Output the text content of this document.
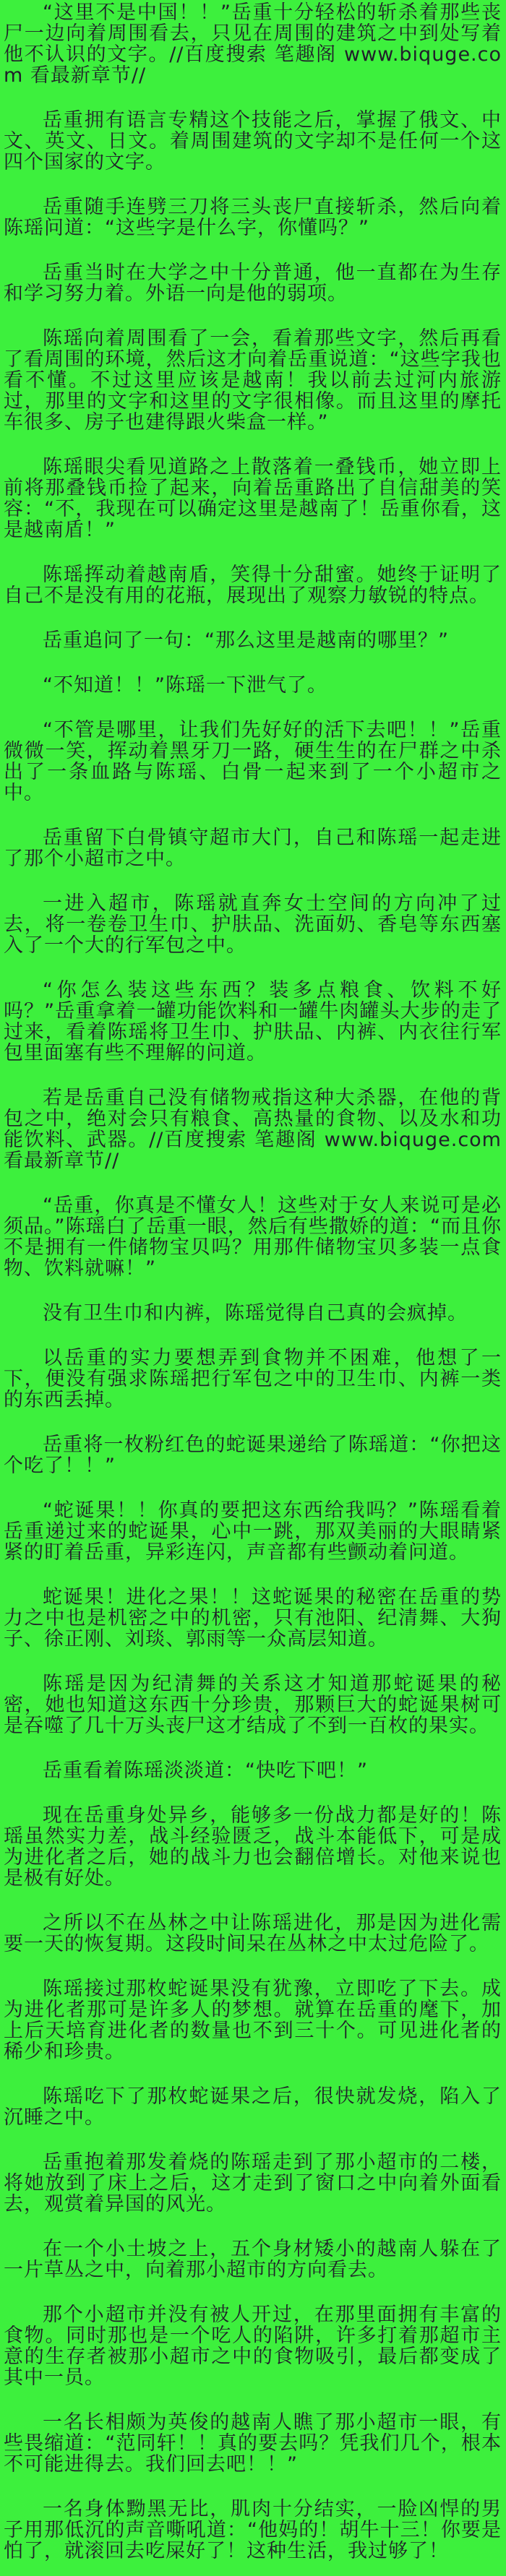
“这里不是中国！！”岳重十分轻松的斩杀着那些丧尸一边向着周围看去，只见在周围的建筑之中到处写着他不认识的文字。//百度搜索 笔趣阁 www.biquge.com 看最新章节//

岳重拥有语言专精这个技能之后，掌握了俄文、中文、英文、日文。着周围建筑的文字却不是任何一个这四个国家的文字。

岳重随手连劈三刀将三头丧尸直接斩杀，然后向着陈瑶问道：“这些字是什么字，你懂吗？”

岳重当时在大学之中十分普通，他一直都在为生存和学习努力着。外语一向是他的弱项。

陈瑶向着周围看了一会，看着那些文字，然后再看了看周围的环境，然后这才向着岳重说道：“这些字我也看不懂。不过这里应该是越南！我以前去过河内旅游过，那里的文字和这里的文字很相像。而且这里的摩托车很多、房子也建得跟火柴盒一样。”

陈瑶眼尖看见道路之上散落着一叠钱币，她立即上前将那叠钱币捡了起来，向着岳重路出了自信甜美的笑容：“不，我现在可以确定这里是越南了！岳重你看，这是越南盾！”

陈瑶挥动着越南盾，笑得十分甜蜜。她终于证明了自己不是没有用的花瓶，展现出了观察力敏锐的特点。

岳重追问了一句：“那么这里是越南的哪里？”

“不知道！！”陈瑶一下泄气了。

“不管是哪里，让我们先好好的活下去吧！！”岳重微微一笑，挥动着黑牙刀一路，硬生生的在尸群之中杀出了一条血路与陈瑶、白骨一起来到了一个小超市之中。

岳重留下白骨镇守超市大门，自己和陈瑶一起走进了那个小超市之中。

一进入超市，陈瑶就直奔女士空间的方向冲了过去，将一卷卷卫生巾、护肤品、洗面奶、香皂等东西塞入了一个大的行军包之中。

“你怎么装这些东西？装多点粮食、饮料不好吗？”岳重拿着一罐功能饮料和一罐牛肉罐头大步的走了过来，看着陈瑶将卫生巾、护肤品、内裤、内衣往行军包里面塞有些不理解的问道。

若是岳重自己没有储物戒指这种大杀器，在他的背包之中，绝对会只有粮食、高热量的食物、以及水和功能饮料、武器。//百度搜索 笔趣阁 www.biquge.com 看最新章节//

“岳重，你真是不懂女人！这些对于女人来说可是必须品。”陈瑶白了岳重一眼，然后有些撒娇的道：“而且你不是拥有一件储物宝贝吗？用那件储物宝贝多装一点食物、饮料就嘛！”

没有卫生巾和内裤，陈瑶觉得自己真的会疯掉。

以岳重的实力要想弄到食物并不困难，他想了一下，便没有强求陈瑶把行军包之中的卫生巾、内裤一类的东西丢掉。

岳重将一枚粉红色的蛇诞果递给了陈瑶道：“你把这个吃了！！”

“蛇诞果！！你真的要把这东西给我吗？”陈瑶看着岳重递过来的蛇诞果，心中一跳，那双美丽的大眼睛紧紧的盯着岳重，异彩连闪，声音都有些颤动着问道。

蛇诞果！进化之果！！这蛇诞果的秘密在岳重的势力之中也是机密之中的机密，只有池阳、纪清舞、大狗子、徐正刚、刘琰、郭雨等一众高层知道。

陈瑶是因为纪清舞的关系这才知道那蛇诞果的秘密，她也知道这东西十分珍贵，那颗巨大的蛇诞果树可是吞噬了几十万头丧尸这才结成了不到一百枚的果实。

岳重看着陈瑶淡淡道：“快吃下吧！”

现在岳重身处异乡，能够多一份战力都是好的！陈瑶虽然实力差，战斗经验匮乏，战斗本能低下，可是成为进化者之后，她的战斗力也会翻倍增长。对他来说也是极有好处。

之所以不在丛林之中让陈瑶进化，那是因为进化需要一天的恢复期。这段时间呆在丛林之中太过危险了。

陈瑶接过那枚蛇诞果没有犹豫，立即吃了下去。成为进化者那可是许多人的梦想。就算在岳重的麾下，加上后天培育进化者的数量也不到三十个。可见进化者的稀少和珍贵。

陈瑶吃下了那枚蛇诞果之后，很快就发烧，陷入了沉睡之中。

岳重抱着那发着烧的陈瑶走到了那小超市的二楼，将她放到了床上之后，这才走到了窗口之中向着外面看去，观赏着异国的风光。

在一个小土坡之上，五个身材矮小的越南人躲在了一片草丛之中，向着那小超市的方向看去。

那个小超市并没有被人开过，在那里面拥有丰富的食物。同时那也是一个吃人的陷阱，许多打着那超市主意的生存者被那小超市之中的食物吸引，最后都变成了其中一员。

一名长相颇为英俊的越南人瞧了那小超市一眼，有些畏缩道：“范同轩！！真的要去吗？凭我们几个，根本不可能进得去。我们回去吧！！”

一名身体黝黑无比，肌肉十分结实，一脸凶悍的男子用那低沉的声音嘶吼道：“他妈的！胡牛十三！你要是怕了，就滚回去吃屎好了！这种生活，我过够了！
